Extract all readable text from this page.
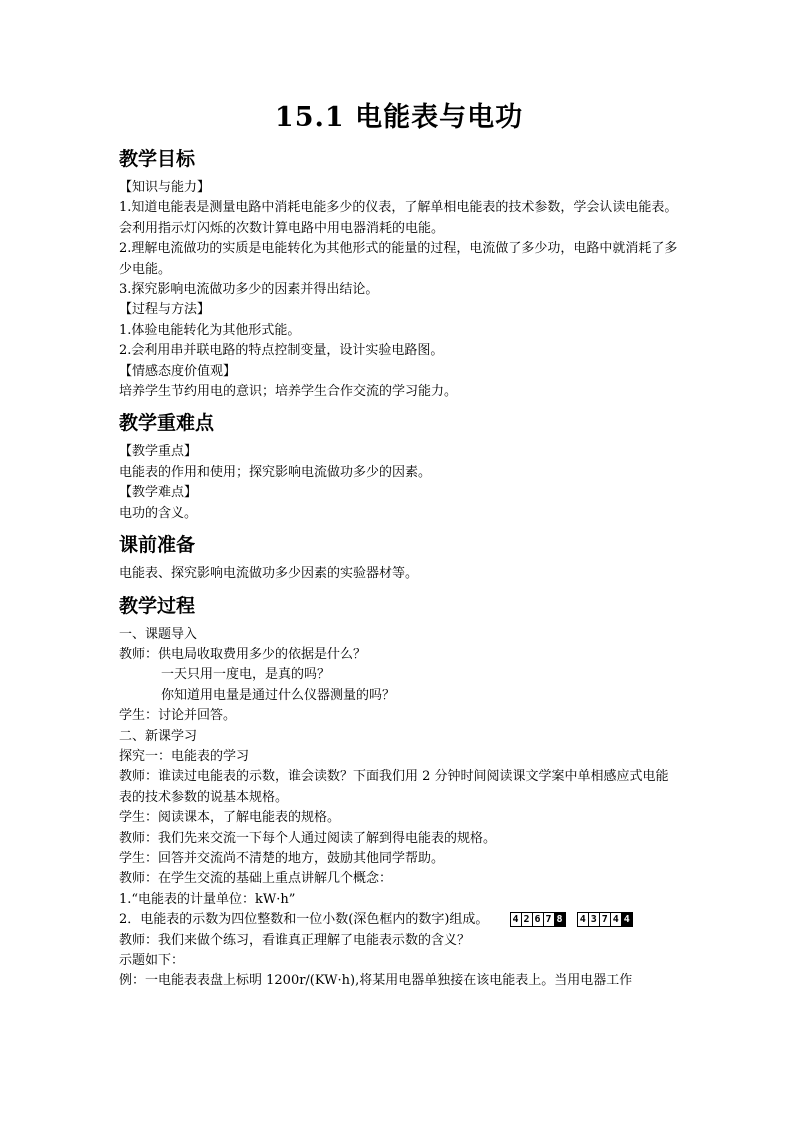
15.1 电能表与电功
教学目标
【知识与能力】
1.知道电能表是测量电路中消耗电能多少的仪表，了解单相电能表的技术参数，学会认读电能表。会利用指示灯闪烁的次数计算电路中用电器消耗的电能。
2.理解电流做功的实质是电能转化为其他形式的能量的过程，电流做了多少功，电路中就消耗了多少电能。
3.探究影响电流做功多少的因素并得出结论。
【过程与方法】
1.体验电能转化为其他形式能。
2.会利用串并联电路的特点控制变量，设计实验电路图。
【情感态度价值观】
培养学生节约用电的意识；培养学生合作交流的学习能力。
教学重难点
【教学重点】
电能表的作用和使用；探究影响电流做功多少的因素。
【教学难点】
电功的含义。
课前准备
电能表、探究影响电流做功多少因素的实验器材等。
教学过程
一、课题导入
教师：供电局收取费用多少的依据是什么？
一天只用一度电，是真的吗？
你知道用电量是通过什么仪器测量的吗？
学生：讨论并回答。
二、新课学习
探究一：电能表的学习
教师：谁读过电能表的示数，谁会读数？下面我们用 2 分钟时间阅读课文学案中单相感应式电能表的技术参数的说基本规格。
学生：阅读课本，了解电能表的规格。
教师：我们先来交流一下每个人通过阅读了解到得电能表的规格。
学生：回答并交流尚不清楚的地方，鼓励其他同学帮助。
教师：在学生交流的基础上重点讲解几个概念：
1.“电能表的计量单位：kW·h”
2．电能表的示数为四位整数和一位小数(深色框内的数字)组成。 4 2 6 7 8
4 3 7 4 4
教师：我们来做个练习，看谁真正理解了电能表示数的含义？
示题如下：
例：一电能表表盘上标明 1200r/(KW·h),将某用电器单独接在该电能表上。当用电器工作
